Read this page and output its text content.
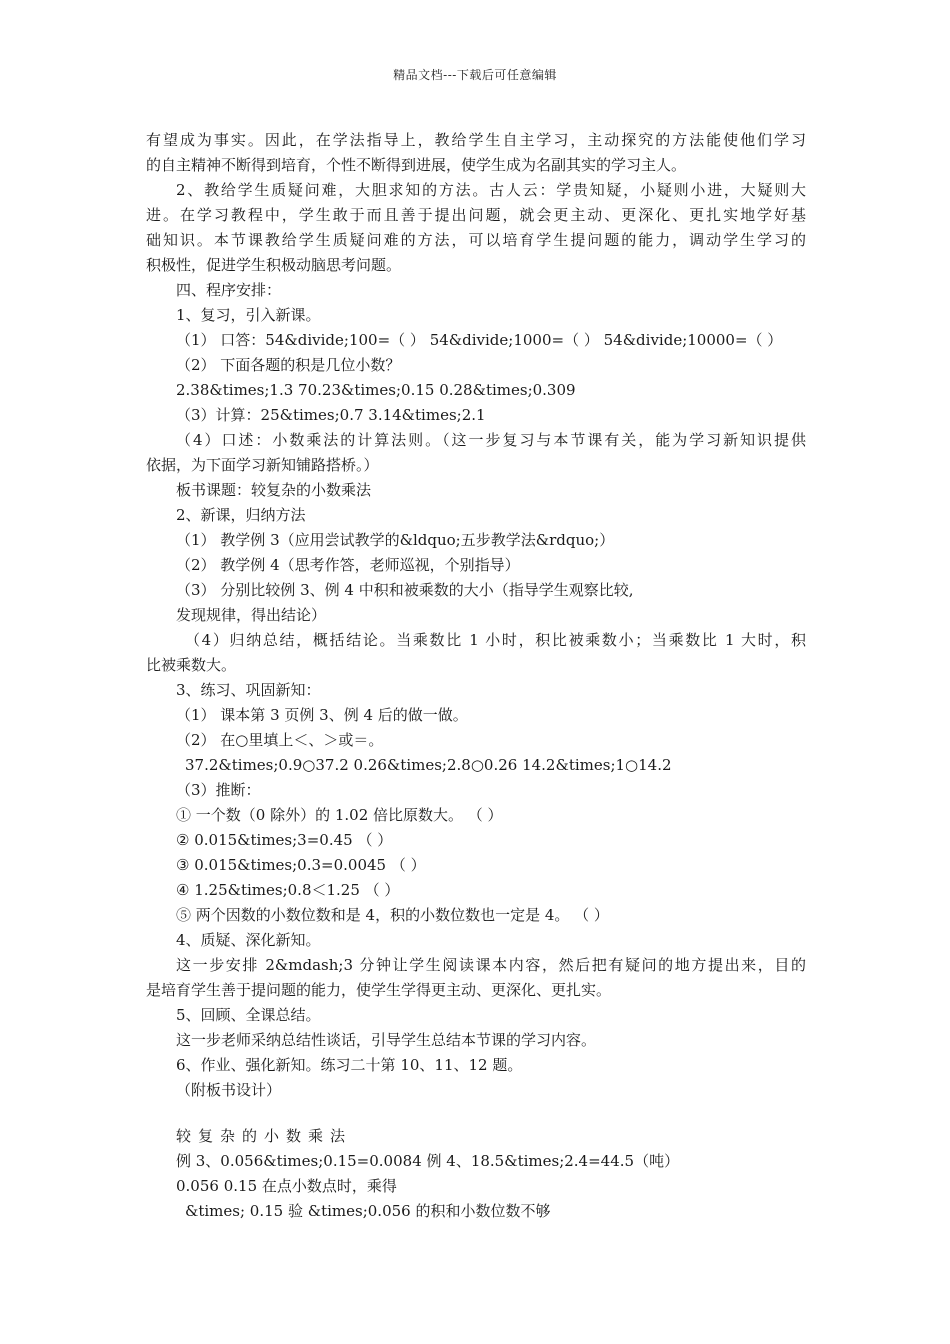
精品文档---下载后可任意编辑
有望成为事实。因此，在学法指导上，教给学生自主学习，主动探究的方法能使他们学习
的自主精神不断得到培育，个性不断得到进展，使学生成为名副其实的学习主人。
2、教给学生质疑问难，大胆求知的方法。古人云：学贵知疑，小疑则小进，大疑则大
进。在学习教程中，学生敢于而且善于提出问题，就会更主动、更深化、更扎实地学好基
础知识。本节课教给学生质疑问难的方法，可以培育学生提问题的能力，调动学生学习的
积极性，促进学生积极动脑思考问题。
四、程序安排：
1、复习，引入新课。
（1） 口答：54&divide;100=（ ） 54&divide;1000=（ ） 54&divide;10000=（ ）
（2） 下面各题的积是几位小数？
2.38&times;1.3 70.23&times;0.15 0.28&times;0.309
（3）计算：25&times;0.7 3.14&times;2.1
（4）口述：小数乘法的计算法则。（这一步复习与本节课有关，能为学习新知识提供
依据，为下面学习新知铺路搭桥。）
板书课题：较复杂的小数乘法
2、新课，归纳方法
（1） 教学例 3（应用尝试教学的&ldquo;五步教学法&rdquo;）
（2） 教学例 4（思考作答，老师巡视，个别指导）
（3） 分别比较例 3、例 4 中积和被乘数的大小（指导学生观察比较,
发现规律，得出结论）
（4）归纳总结，概括结论。当乘数比 1 小时，积比被乘数小；当乘数比 1 大时，积
比被乘数大。
3、练习、巩固新知：
（1） 课本第 3 页例 3、例 4 后的做一做。
（2） 在○里填上＜、＞或＝。
37.2&times;0.9○37.2 0.26&times;2.8○0.26 14.2&times;1○14.2
（3）推断：
① 一个数（0 除外）的 1.02 倍比原数大。 （ ）
② 0.015&times;3=0.45 （ ）
③ 0.015&times;0.3=0.0045 （ ）
④ 1.25&times;0.8＜1.25 （ ）
⑤ 两个因数的小数位数和是 4，积的小数位数也一定是 4。 （ ）
4、质疑、深化新知。
这一步安排 2&mdash;3 分钟让学生阅读课本内容，然后把有疑问的地方提出来，目的
是培育学生善于提问题的能力，使学生学得更主动、更深化、更扎实。
5、回顾、全课总结。
这一步老师采纳总结性谈话，引导学生总结本节课的学习内容。
6、作业、强化新知。练习二十第 10、11、12 题。
（附板书设计）
较复杂的小数乘法
例 3、0.056&times;0.15=0.0084 例 4、18.5&times;2.4=44.5（吨）
0.056 0.15 在点小数点时，乘得
&times; 0.15 验 &times;0.056 的积和小数位数不够
